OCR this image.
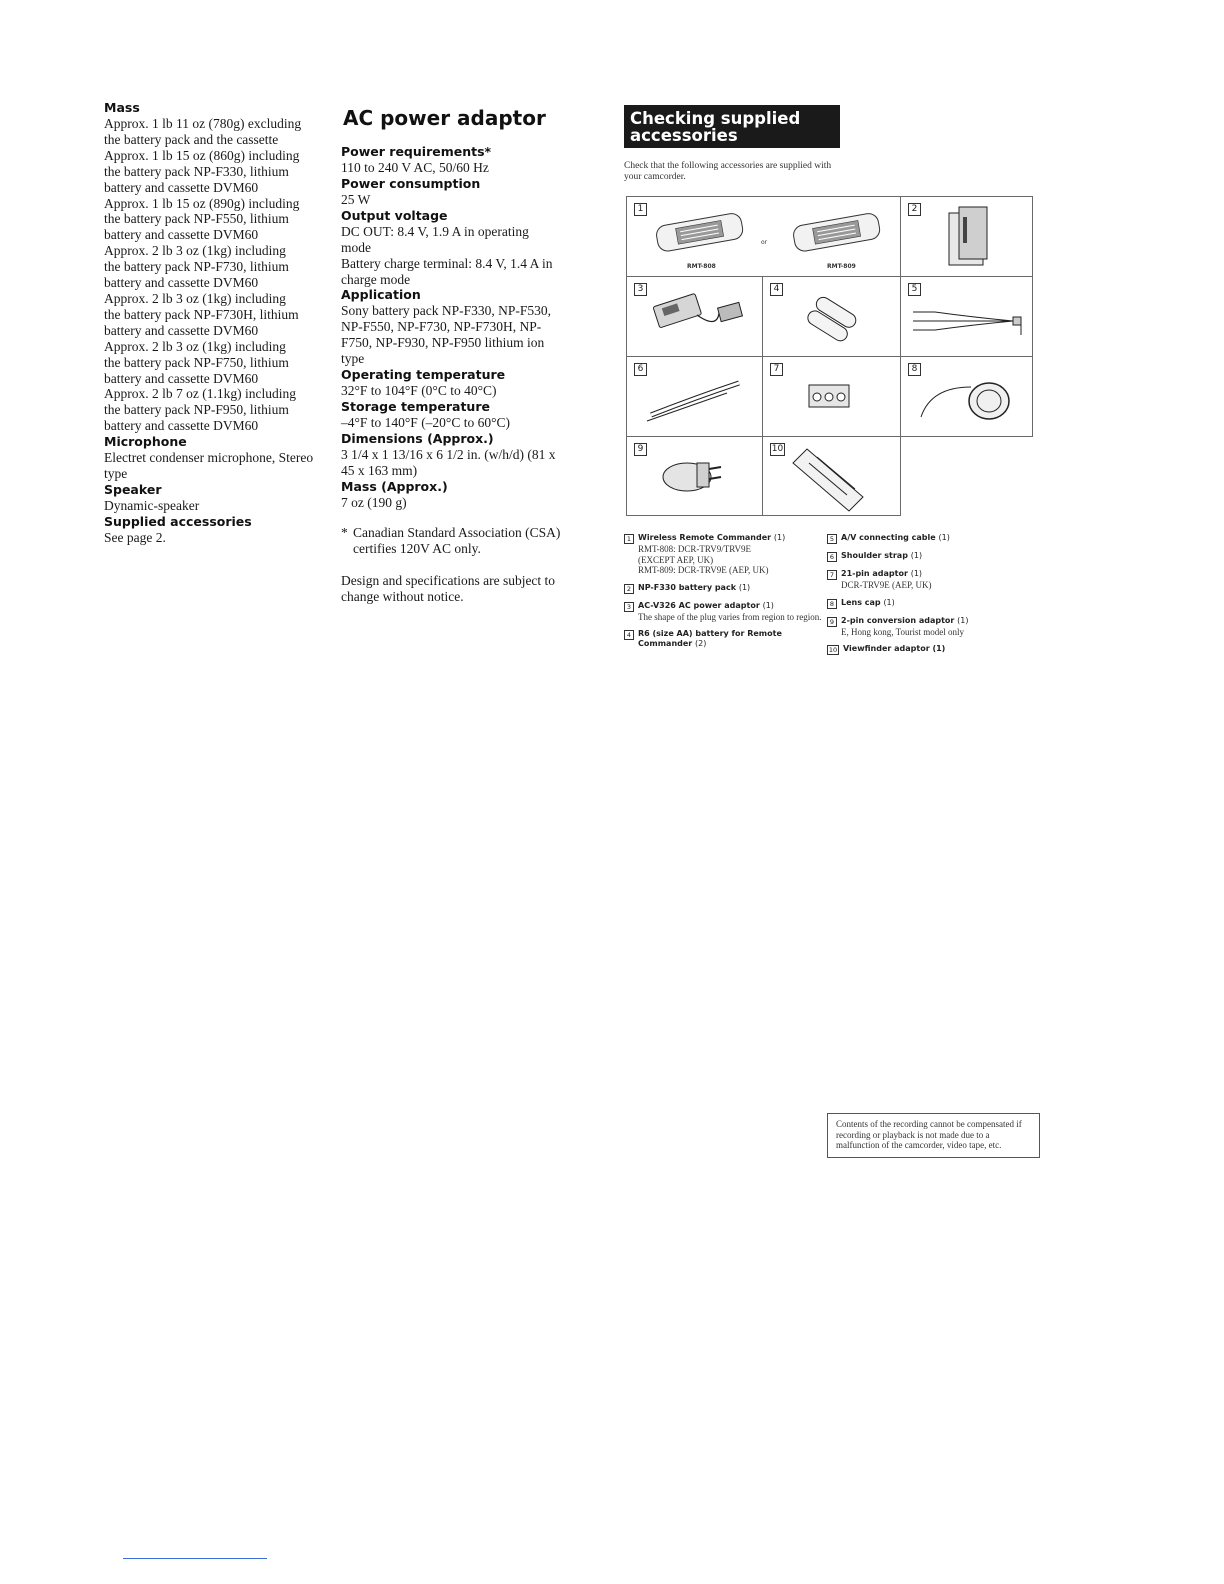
Mass
Approx. 1 lb 11 oz (780g) excluding
the battery pack and the cassette
Approx. 1 lb 15 oz (860g) including
the battery pack NP-F330, lithium
battery and cassette DVM60
Approx. 1 lb 15 oz (890g) including
the battery pack NP-F550, lithium
battery and cassette DVM60
Approx. 2 lb 3 oz (1kg) including
the battery pack NP-F730, lithium
battery and cassette DVM60
Approx. 2 lb 3 oz (1kg) including
the battery pack NP-F730H, lithium
battery and cassette DVM60
Approx. 2 lb 3 oz (1kg) including
the battery pack NP-F750, lithium
battery and cassette DVM60
Approx. 2 lb 7 oz (1.1kg) including
the battery pack NP-F950, lithium
battery and cassette DVM60
Microphone
Electret condenser microphone, Stereo type
Speaker
Dynamic-speaker
Supplied accessories
See page 2.
AC power adaptor
Power requirements*
110 to 240 V AC, 50/60 Hz
Power consumption
25 W
Output voltage
DC OUT: 8.4 V, 1.9 A in operating mode
Battery charge terminal: 8.4 V, 1.4 A in charge mode
Application
Sony battery pack NP-F330, NP-F530, NP-F550, NP-F730, NP-F730H, NP-F750, NP-F930, NP-F950 lithium ion type
Operating temperature
32°F to 104°F (0°C to 40°C)
Storage temperature
–4°F to 140°F (–20°C to 60°C)
Dimensions (Approx.)
3 1/4 x 1 13/16 x 6 1/2 in. (w/h/d) (81 x 45 x 163 mm)
Mass (Approx.)
7 oz (190 g)
* Canadian Standard Association (CSA) certifies 120V AC only.
Design and specifications are subject to change without notice.
Checking supplied accessories
Check that the following accessories are supplied with your camcorder.
1
RMT-808
or
RMT-809
2
3	4	5
6	7	8
9	10
1 Wireless Remote Commander (1)
RMT-808: DCR-TRV9/TRV9E
(EXCEPT AEP, UK)
RMT-809: DCR-TRV9E (AEP, UK)
2 NP-F330 battery pack (1)
3 AC-V326 AC power adaptor (1)
The shape of the plug varies from region to region.
4 R6 (size AA) battery for Remote Commander (2)
5 A/V connecting cable (1)
6 Shoulder strap (1)
7 21-pin adaptor (1)
DCR-TRV9E (AEP, UK)
8 Lens cap (1)
9 2-pin conversion adaptor (1)
E, Hong kong, Tourist model only
10 Viewfinder adaptor (1)
Contents of the recording cannot be compensated if recording or playback is not made due to a malfunction of the camcorder, video tape, etc.
